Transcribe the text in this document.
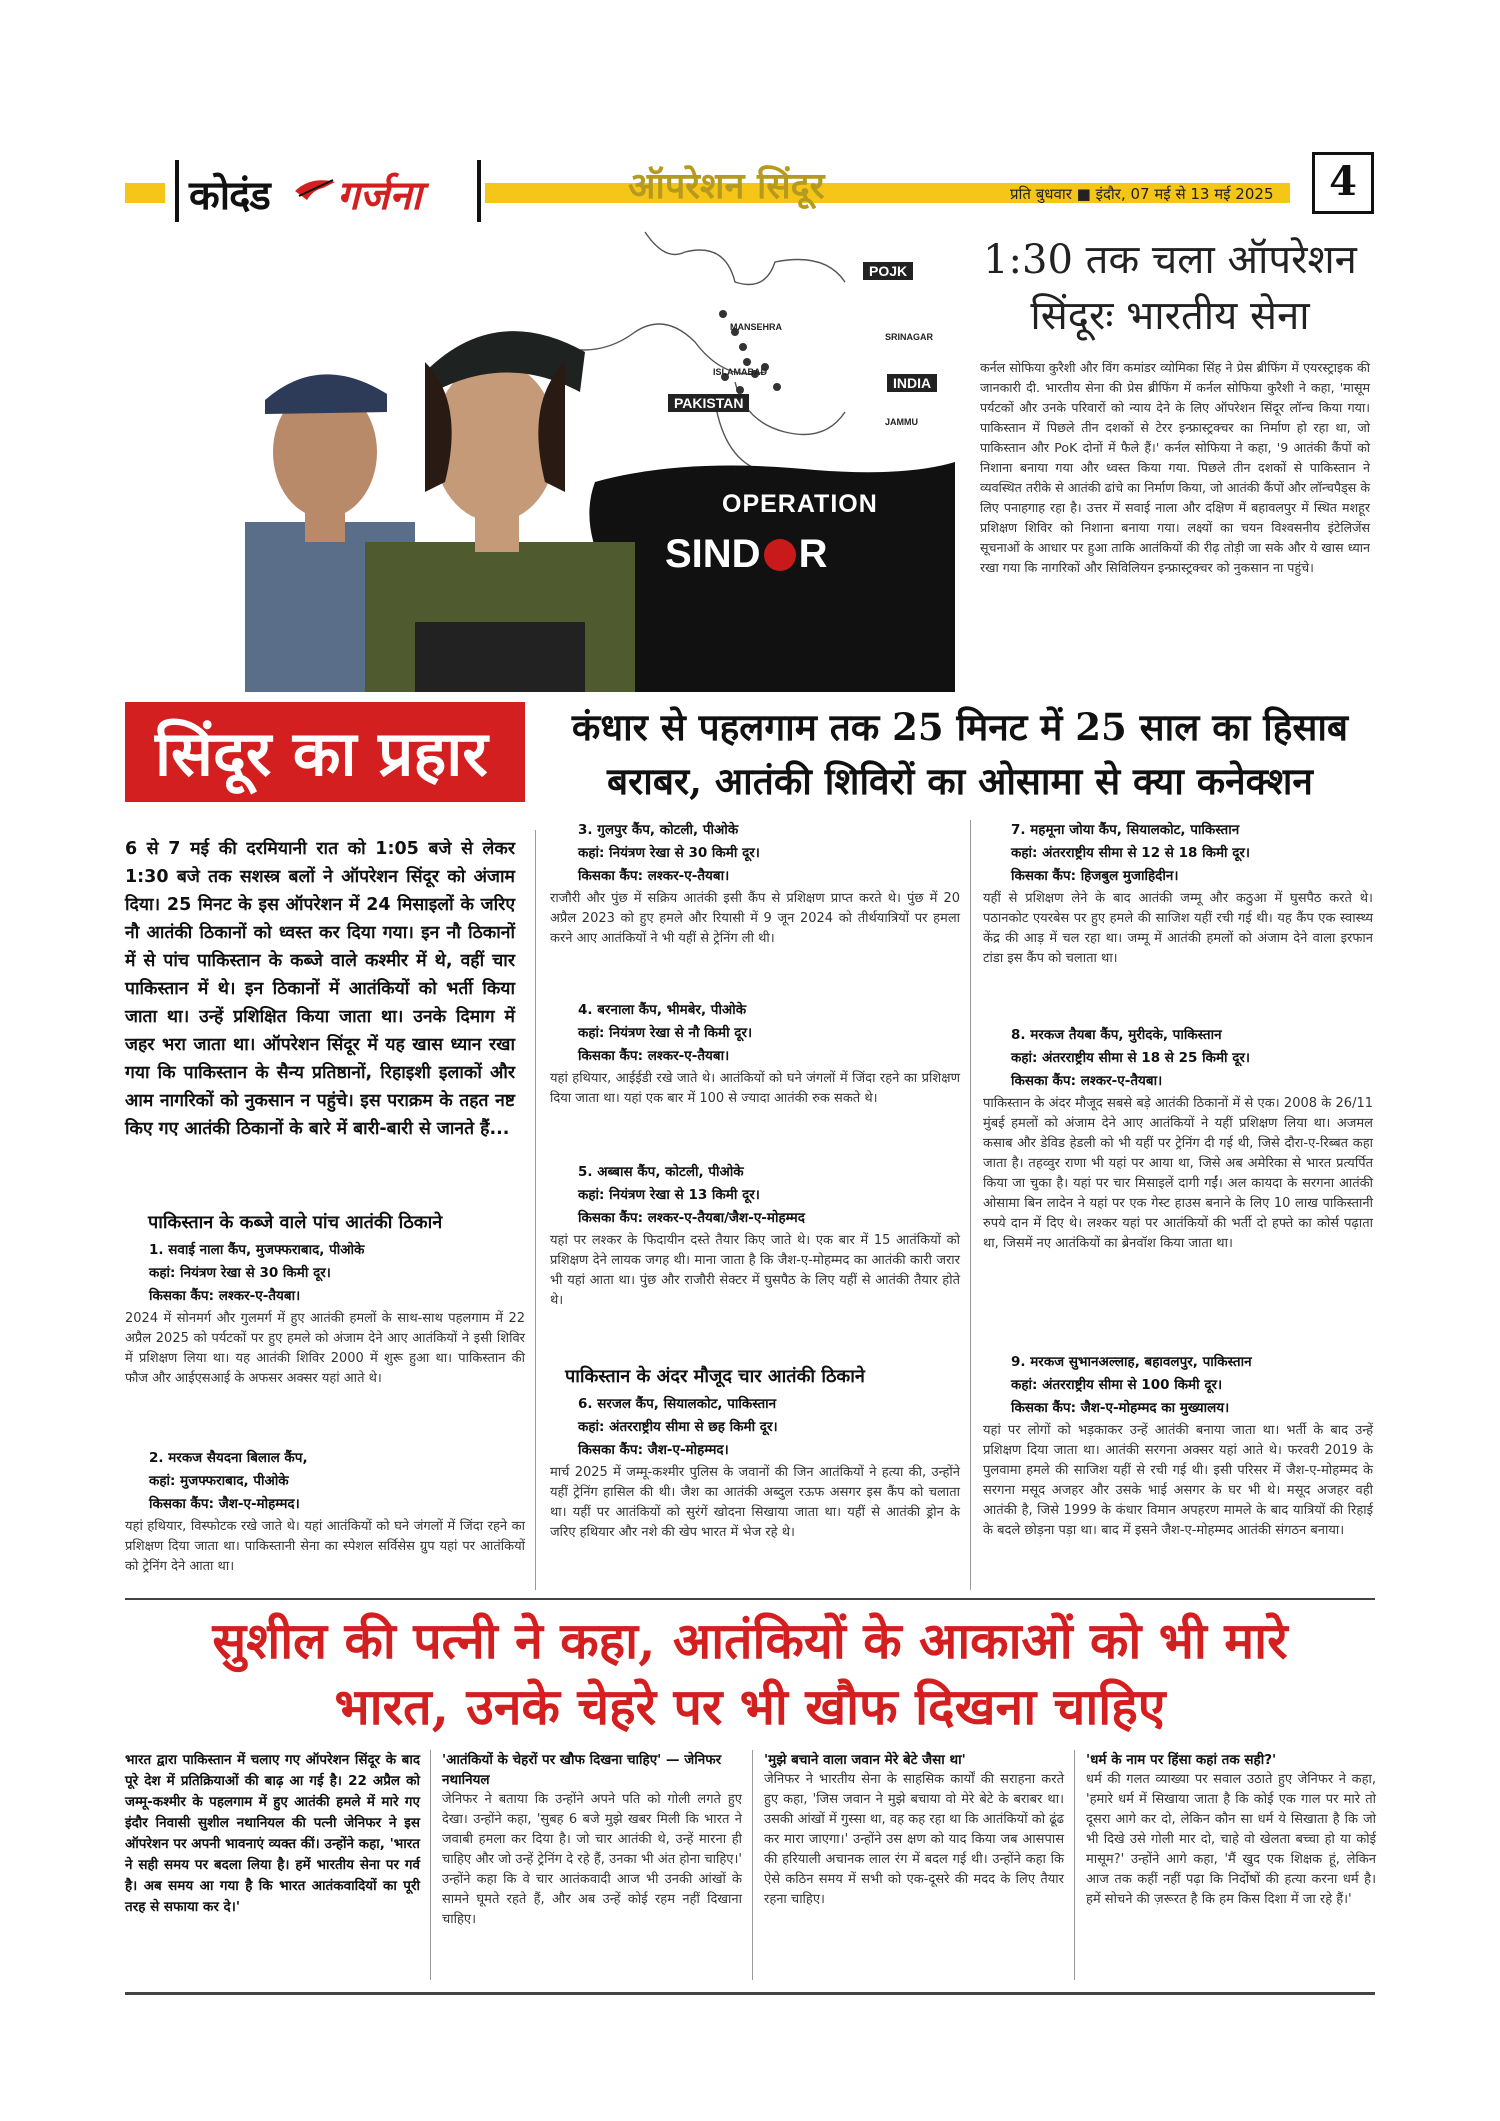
कोदंड गर्जना	ऑपरेशन सिंदूर	प्रति बुधवार ■ इंदौर, 07 मई से 13 मई 2025	4
POJK
MANSEHRA
SRINAGAR
ISLAMABAD
INDIA
PAKISTAN
JAMMU
OPERATION
SIND R
1:30 तक चला ऑपरेशन सिंदूरः भारतीय सेना
कर्नल सोफिया कुरैशी और विंग कमांडर व्योमिका सिंह ने प्रेस ब्रीफिंग में एयरस्ट्राइक की जानकारी दी. भारतीय सेना की प्रेस ब्रीफिंग में कर्नल सोफिया कुरैशी ने कहा, 'मासूम पर्यटकों और उनके परिवारों को न्याय देने के लिए ऑपरेशन सिंदूर लॉन्च किया गया। पाकिस्तान में पिछले तीन दशकों से टेरर इन्फ्रास्ट्रक्चर का निर्माण हो रहा था, जो पाकिस्तान और PoK दोनों में फैले हैं।' कर्नल सोफिया ने कहा, '9 आतंकी कैंपों को निशाना बनाया गया और ध्वस्त किया गया. पिछले तीन दशकों से पाकिस्तान ने व्यवस्थित तरीके से आतंकी ढांचे का निर्माण किया, जो आतंकी कैंपों और लॉन्चपैड्स के लिए पनाहगाह रहा है। उत्तर में सवाई नाला और दक्षिण में बहावलपुर में स्थित मशहूर प्रशिक्षण शिविर को निशाना बनाया गया। लक्ष्यों का चयन विश्वसनीय इंटेलिजेंस सूचनाओं के आधार पर हुआ ताकि आतंकियों की रीढ़ तोड़ी जा सके और ये खास ध्यान रखा गया कि नागरिकों और सिविलियन इन्फ्रास्ट्रक्चर को नुकसान ना पहुंचे।
सिंदूर का प्रहार	कंधार से पहलगाम तक 25 मिनट में 25 साल का हिसाब बराबर, आतंकी शिविरों का ओसामा से क्या कनेक्शन
6 से 7 मई की दरमियानी रात को 1:05 बजे से लेकर 1:30 बजे तक सशस्त्र बलों ने ऑपरेशन सिंदूर को अंजाम दिया। 25 मिनट के इस ऑपरेशन में 24 मिसाइलों के जरिए नौ आतंकी ठिकानों को ध्वस्त कर दिया गया। इन नौ ठिकानों में से पांच पाकिस्तान के कब्जे वाले कश्मीर में थे, वहीं चार पाकिस्तान में थे। इन ठिकानों में आतंकियों को भर्ती किया जाता था। उन्हें प्रशिक्षित किया जाता था। उनके दिमाग में जहर भरा जाता था। ऑपरेशन सिंदूर में यह खास ध्यान रखा गया कि पाकिस्तान के सैन्य प्रतिष्ठानों, रिहाइशी इलाकों और आम नागरिकों को नुकसान न पहुंचे। इस पराक्रम के तहत नष्ट किए गए आतंकी ठिकानों के बारे में बारी-बारी से जानते हैं...
पाकिस्तान के कब्जे वाले पांच आतंकी ठिकाने

1. सवाई नाला कैंप, मुजफ्फराबाद, पीओके

कहां: नियंत्रण रेखा से 30 किमी दूर।

किसका कैंप: लश्कर-ए-तैयबा।

2024 में सोनमर्ग और गुलमर्ग में हुए आतंकी हमलों के साथ-साथ पहलगाम में 22 अप्रैल 2025 को पर्यटकों पर हुए हमले को अंजाम देने आए आतंकियों ने इसी शिविर में प्रशिक्षण लिया था। यह आतंकी शिविर 2000 में शुरू हुआ था। पाकिस्तान की फौज और आईएसआई के अफसर अक्सर यहां आते थे।

2. मरकज सैयदना बिलाल कैंप,

कहां: मुजफ्फराबाद, पीओके

किसका कैंप: जैश-ए-मोहम्मद।

यहां हथियार, विस्फोटक रखे जाते थे। यहां आतंकियों को घने जंगलों में जिंदा रहने का प्रशिक्षण दिया जाता था। पाकिस्तानी सेना का स्पेशल सर्विसेस ग्रुप यहां पर आतंकियों को ट्रेनिंग देने आता था।

3. गुलपुर कैंप, कोटली, पीओके

कहां: नियंत्रण रेखा से 30 किमी दूर।

किसका कैंप: लश्कर-ए-तैयबा।

राजौरी और पुंछ में सक्रिय आतंकी इसी कैंप से प्रशिक्षण प्राप्त करते थे। पुंछ में 20 अप्रैल 2023 को हुए हमले और रियासी में 9 जून 2024 को तीर्थयात्रियों पर हमला करने आए आतंकियों ने भी यहीं से ट्रेनिंग ली थी।

4. बरनाला कैंप, भीमबेर, पीओके

कहां: नियंत्रण रेखा से नौ किमी दूर।

किसका कैंप: लश्कर-ए-तैयबा।

यहां हथियार, आईईडी रखे जाते थे। आतंकियों को घने जंगलों में जिंदा रहने का प्रशिक्षण दिया जाता था। यहां एक बार में 100 से ज्यादा आतंकी रुक सकते थे।

5. अब्बास कैंप, कोटली, पीओके

कहां: नियंत्रण रेखा से 13 किमी दूर।

किसका कैंप: लश्कर-ए-तैयबा/जैश-ए-मोहम्मद

यहां पर लश्कर के फिदायीन दस्ते तैयार किए जाते थे। एक बार में 15 आतंकियों को प्रशिक्षण देने लायक जगह थी। माना जाता है कि जैश-ए-मोहम्मद का आतंकी कारी जरार भी यहां आता था। पुंछ और राजौरी सेक्टर में घुसपैठ के लिए यहीं से आतंकी तैयार होते थे।
पाकिस्तान के अंदर मौजूद चार आतंकी ठिकाने

6. सरजल कैंप, सियालकोट, पाकिस्तान

कहां: अंतरराष्ट्रीय सीमा से छह किमी दूर।

किसका कैंप: जैश-ए-मोहम्मद।

मार्च 2025 में जम्मू-कश्मीर पुलिस के जवानों की जिन आतंकियों ने हत्या की, उन्होंने यहीं ट्रेनिंग हासिल की थी। जैश का आतंकी अब्दुल रऊफ असगर इस कैंप को चलाता था। यहीं पर आतंकियों को सुरंगें खोदना सिखाया जाता था। यहीं से आतंकी ड्रोन के जरिए हथियार और नशे की खेप भारत में भेज रहे थे।

7. महमूना जोया कैंप, सियालकोट, पाकिस्तान

कहां: अंतरराष्ट्रीय सीमा से 12 से 18 किमी दूर।

किसका कैंप: हिजबुल मुजाहिदीन।

यहीं से प्रशिक्षण लेने के बाद आतंकी जम्मू और कठुआ में घुसपैठ करते थे। पठानकोट एयरबेस पर हुए हमले की साजिश यहीं रची गई थी। यह कैंप एक स्वास्थ्य केंद्र की आड़ में चल रहा था। जम्मू में आतंकी हमलों को अंजाम देने वाला इरफान टांडा इस कैंप को चलाता था।

8. मरकज तैयबा कैंप, मुरीदके, पाकिस्तान

कहां: अंतरराष्ट्रीय सीमा से 18 से 25 किमी दूर।

किसका कैंप: लश्कर-ए-तैयबा।

पाकिस्तान के अंदर मौजूद सबसे बड़े आतंकी ठिकानों में से एक। 2008 के 26/11 मुंबई हमलों को अंजाम देने आए आतंकियों ने यहीं प्रशिक्षण लिया था। अजमल कसाब और डेविड हेडली को भी यहीं पर ट्रेनिंग दी गई थी, जिसे दौरा-ए-रिब्बत कहा जाता है। तहव्वुर राणा भी यहां पर आया था, जिसे अब अमेरिका से भारत प्रत्यर्पित किया जा चुका है। यहां पर चार मिसाइलें दागी गईं। अल कायदा के सरगना आतंकी ओसामा बिन लादेन ने यहां पर एक गेस्ट हाउस बनाने के लिए 10 लाख पाकिस्तानी रुपये दान में दिए थे। लश्कर यहां पर आतंकियों की भर्ती दो हफ्ते का कोर्स पढ़ाता था, जिसमें नए आतंकियों का ब्रेनवॉश किया जाता था।

9. मरकज सुभानअल्लाह, बहावलपुर, पाकिस्तान

कहां: अंतरराष्ट्रीय सीमा से 100 किमी दूर।

किसका कैंप: जैश-ए-मोहम्मद का मुख्यालय।

यहां पर लोगों को भड़काकर उन्हें आतंकी बनाया जाता था। भर्ती के बाद उन्हें प्रशिक्षण दिया जाता था। आतंकी सरगना अक्सर यहां आते थे। फरवरी 2019 के पुलवामा हमले की साजिश यहीं से रची गई थी। इसी परिसर में जैश-ए-मोहम्मद के सरगना मसूद अजहर और उसके भाई असगर के घर भी थे। मसूद अजहर वही आतंकी है, जिसे 1999 के कंधार विमान अपहरण मामले के बाद यात्रियों की रिहाई के बदले छोड़ना पड़ा था। बाद में इसने जैश-ए-मोहम्मद आतंकी संगठन बनाया।
सुशील की पत्नी ने कहा, आतंकियों के आकाओं को भी मारे भारत, उनके चेहरे पर भी खौफ दिखना चाहिए
भारत द्वारा पाकिस्तान में चलाए गए ऑपरेशन सिंदूर के बाद पूरे देश में प्रतिक्रियाओं की बाढ़ आ गई है। 22 अप्रैल को जम्मू-कश्मीर के पहलगाम में हुए आतंकी हमले में मारे गए इंदौर निवासी सुशील नथानियल की पत्नी जेनिफर ने इस ऑपरेशन पर अपनी भावनाएं व्यक्त कीं। उन्होंने कहा, 'भारत ने सही समय पर बदला लिया है। हमें भारतीय सेना पर गर्व है। अब समय आ गया है कि भारत आतंकवादियों का पूरी तरह से सफाया कर दे।'
'आतंकियों के चेहरों पर खौफ दिखना चाहिए' — जेनिफर नथानियल
जेनिफर ने बताया कि उन्होंने अपने पति को गोली लगते हुए देखा। उन्होंने कहा, 'सुबह 6 बजे मुझे खबर मिली कि भारत ने जवाबी हमला कर दिया है। जो चार आतंकी थे, उन्हें मारना ही चाहिए और जो उन्हें ट्रेनिंग दे रहे हैं, उनका भी अंत होना चाहिए।' उन्होंने कहा कि वे चार आतंकवादी आज भी उनकी आंखों के सामने घूमते रहते हैं, और अब उन्हें कोई रहम नहीं दिखाना चाहिए।
'मुझे बचाने वाला जवान मेरे बेटे जैसा था'
जेनिफर ने भारतीय सेना के साहसिक कार्यों की सराहना करते हुए कहा, 'जिस जवान ने मुझे बचाया वो मेरे बेटे के बराबर था। उसकी आंखों में गुस्सा था, वह कह रहा था कि आतंकियों को ढूंढ कर मारा जाएगा।' उन्होंने उस क्षण को याद किया जब आसपास की हरियाली अचानक लाल रंग में बदल गई थी। उन्होंने कहा कि ऐसे कठिन समय में सभी को एक-दूसरे की मदद के लिए तैयार रहना चाहिए।
'धर्म के नाम पर हिंसा कहां तक सही?'
धर्म की गलत व्याख्या पर सवाल उठाते हुए जेनिफर ने कहा, 'हमारे धर्म में सिखाया जाता है कि कोई एक गाल पर मारे तो दूसरा आगे कर दो, लेकिन कौन सा धर्म ये सिखाता है कि जो भी दिखे उसे गोली मार दो, चाहे वो खेलता बच्चा हो या कोई मासूम?' उन्होंने आगे कहा, 'मैं खुद एक शिक्षक हूं, लेकिन आज तक कहीं नहीं पढ़ा कि निर्दोषों की हत्या करना धर्म है। हमें सोचने की ज़रूरत है कि हम किस दिशा में जा रहे हैं।'
